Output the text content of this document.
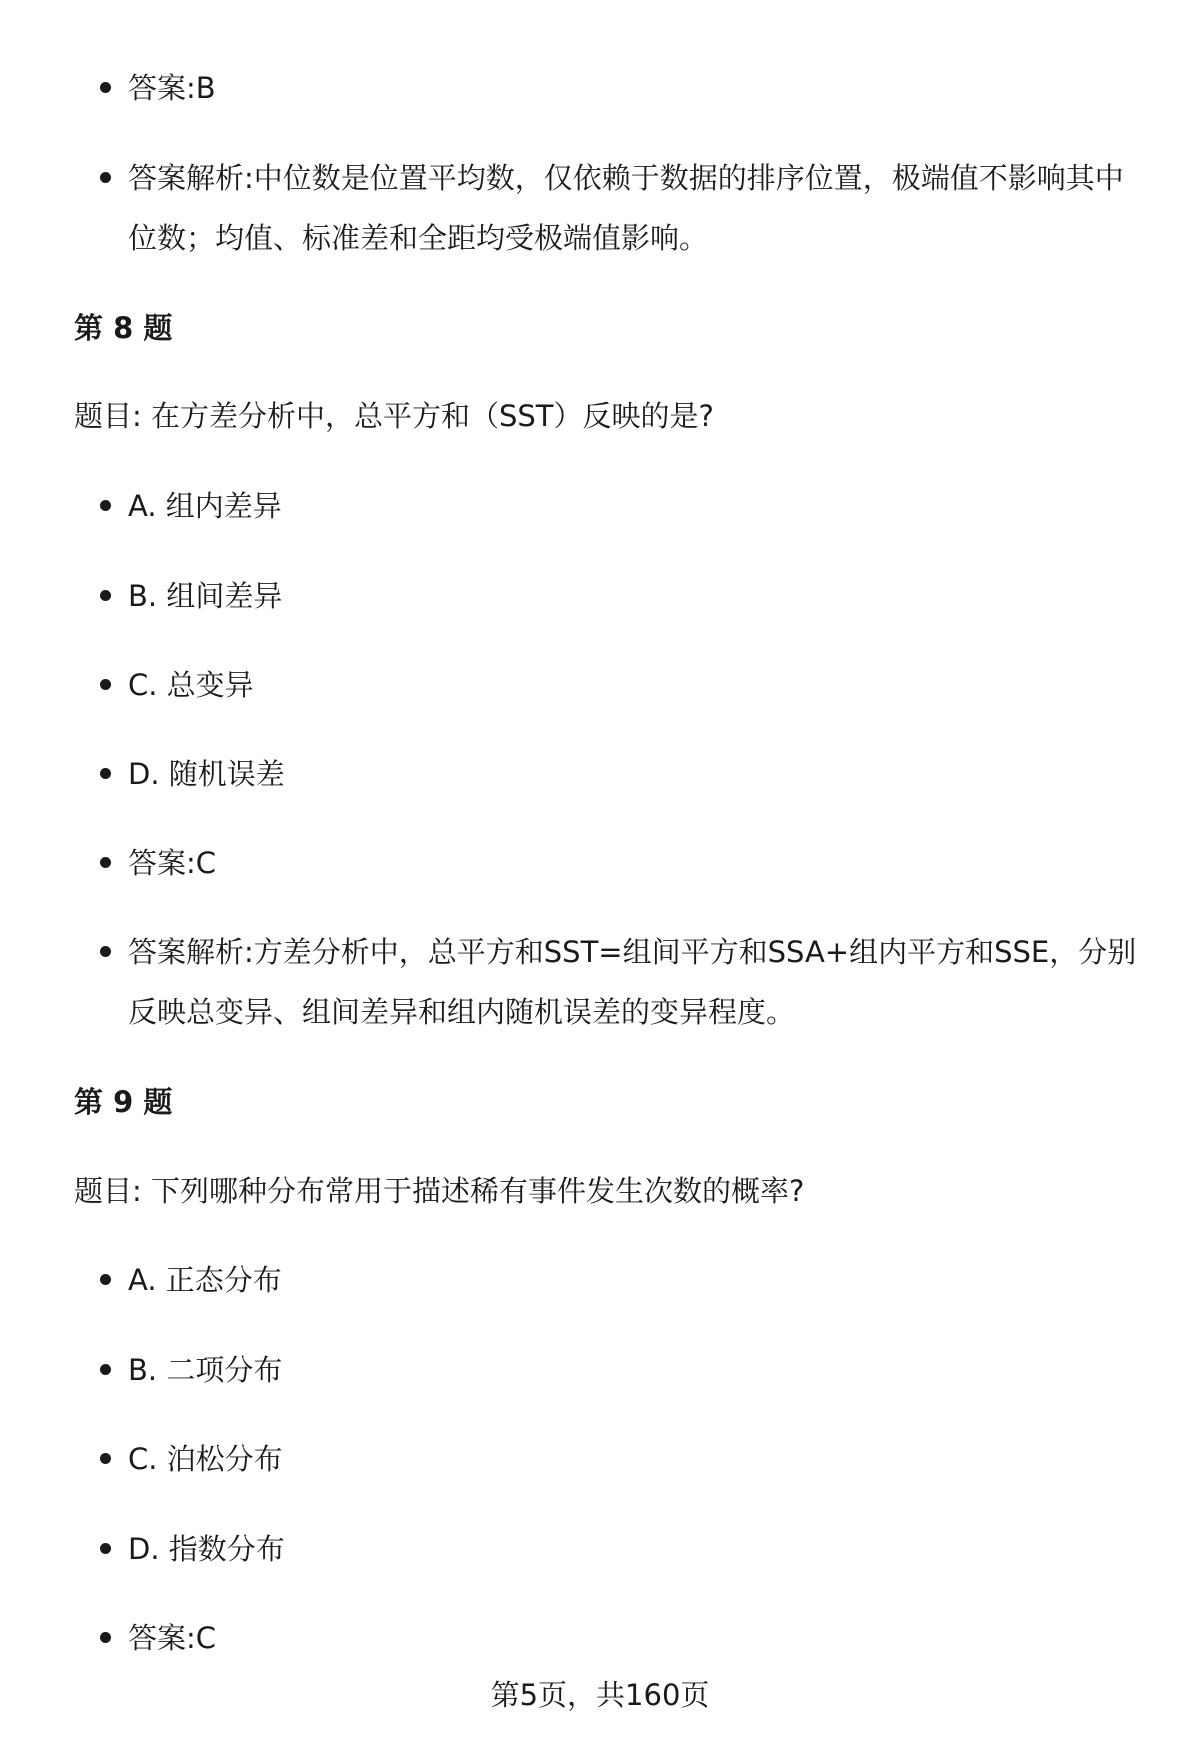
答案:B
答案解析:中位数是位置平均数，仅依赖于数据的排序位置，极端值不影响其中位数；均值、标准差和全距均受极端值影响。
第 8 题
题目: 在方差分析中，总平方和（SST）反映的是?
A. 组内差异
B. 组间差异
C. 总变异
D. 随机误差
答案:C
答案解析:方差分析中，总平方和SST=组间平方和SSA+组内平方和SSE，分别反映总变异、组间差异和组内随机误差的变异程度。
第 9 题
题目: 下列哪种分布常用于描述稀有事件发生次数的概率?
A. 正态分布
B. 二项分布
C. 泊松分布
D. 指数分布
答案:C
第5页，共160页
